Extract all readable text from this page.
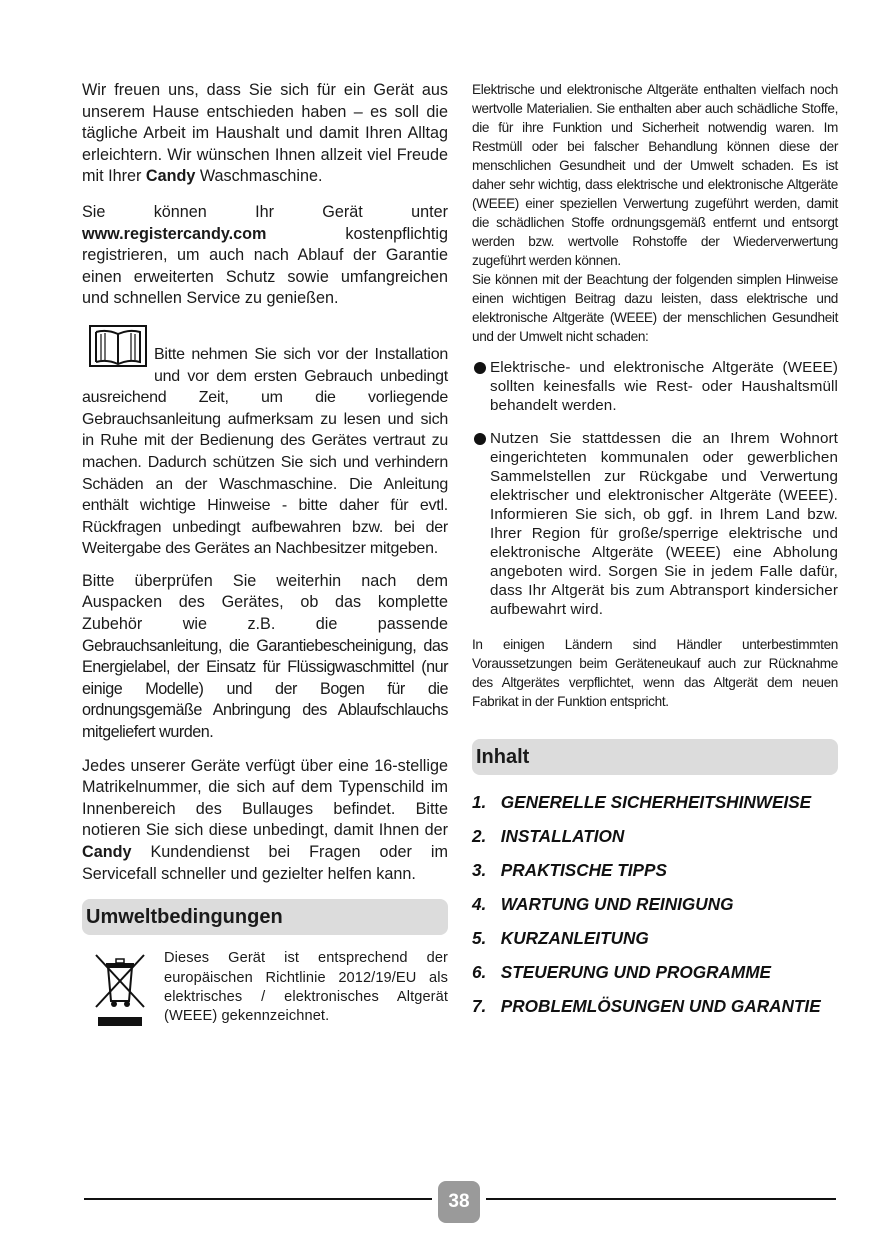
Wir freuen uns, dass Sie sich für ein Gerät aus unserem Hause entschieden haben – es soll die tägliche Arbeit im Haushalt und damit Ihren Alltag erleichtern. Wir wünschen Ihnen allzeit viel Freude mit Ihrer Candy Waschmaschine.

Sie können Ihr Gerät unter www.registercandy.com kostenpflichtig registrieren, um auch nach Ablauf der Garantie einen erweiterten Schutz sowie umfangreichen und schnellen Service zu genießen.

Bitte nehmen Sie sich vor der Installation und vor dem ersten Gebrauch unbedingt ausreichend Zeit, um die vorliegende Gebrauchsanleitung aufmerksam zu lesen und sich in Ruhe mit der Bedienung des Gerätes vertraut zu machen. Dadurch schützen Sie sich und verhindern Schäden an der Waschmaschine. Die Anleitung enthält wichtige Hinweise - bitte daher für evtl. Rückfragen unbedingt aufbewahren bzw. bei der Weitergabe des Gerätes an Nachbesitzer mitgeben.

Bitte überprüfen Sie weiterhin nach dem Auspacken des Gerätes, ob das komplette Zubehör wie z.B. die passende Gebrauchsanleitung, die Garantiebescheinigung, das Energielabel, der Einsatz für Flüssigwaschmittel (nur einige Modelle) und der Bogen für die ordnungsgemäße Anbringung des Ablaufschlauchs mitgeliefert wurden.

Jedes unserer Geräte verfügt über eine 16-stellige Matrikelnummer, die sich auf dem Typenschild im Innenbereich des Bullauges befindet. Bitte notieren Sie sich diese unbedingt, damit Ihnen der Candy Kundendienst bei Fragen oder im Servicefall schneller und gezielter helfen kann.

Umweltbedingungen
Dieses Gerät ist entsprechend der europäischen Richtlinie 2012/19/EU als elektrisches / elektronisches Altgerät (WEEE) gekennzeichnet.

Elektrische und elektronische Altgeräte enthalten vielfach noch wertvolle Materialien. Sie enthalten aber auch schädliche Stoffe, die für ihre Funktion und Sicherheit notwendig waren. Im Restmüll oder bei falscher Behandlung können diese der menschlichen Gesundheit und der Umwelt schaden. Es ist daher sehr wichtig, dass elektrische und elektronische Altgeräte (WEEE) einer speziellen Verwertung zugeführt werden, damit die schädlichen Stoffe ordnungsgemäß entfernt und entsorgt werden bzw. wertvolle Rohstoffe der Wiederverwertung zugeführt werden können.

Sie können mit der Beachtung der folgenden simplen Hinweise einen wichtigen Beitrag dazu leisten, dass elektrische und elektronische Altgeräte (WEEE) der menschlichen Gesundheit und der Umwelt nicht schaden:

Elektrische- und elektronische Altgeräte (WEEE) sollten keinesfalls wie Rest- oder Haushaltsmüll behandelt werden.

Nutzen Sie stattdessen die an Ihrem Wohnort eingerichteten kommunalen oder gewerblichen Sammelstellen zur Rückgabe und Verwertung elektrischer und elektronischer Altgeräte (WEEE). Informieren Sie sich, ob ggf. in Ihrem Land bzw. Ihrer Region für große/sperrige elektrische und elektronische Altgeräte (WEEE) eine Abholung angeboten wird. Sorgen Sie in jedem Falle dafür, dass Ihr Altgerät bis zum Abtransport kindersicher aufbewahrt wird.

In einigen Ländern sind Händler unterbestimmten Voraussetzungen beim Geräteneukauf auch zur Rücknahme des Altgerätes verpflichtet, wenn das Altgerät dem neuen Fabrikat in der Funktion entspricht.

Inhalt
1. GENERELLE SICHERHEITSHINWEISE
2. INSTALLATION
3. PRAKTISCHE TIPPS
4. WARTUNG UND REINIGUNG
5. KURZANLEITUNG
6. STEUERUNG UND PROGRAMME
7. PROBLEMLÖSUNGEN UND GARANTIE
38
